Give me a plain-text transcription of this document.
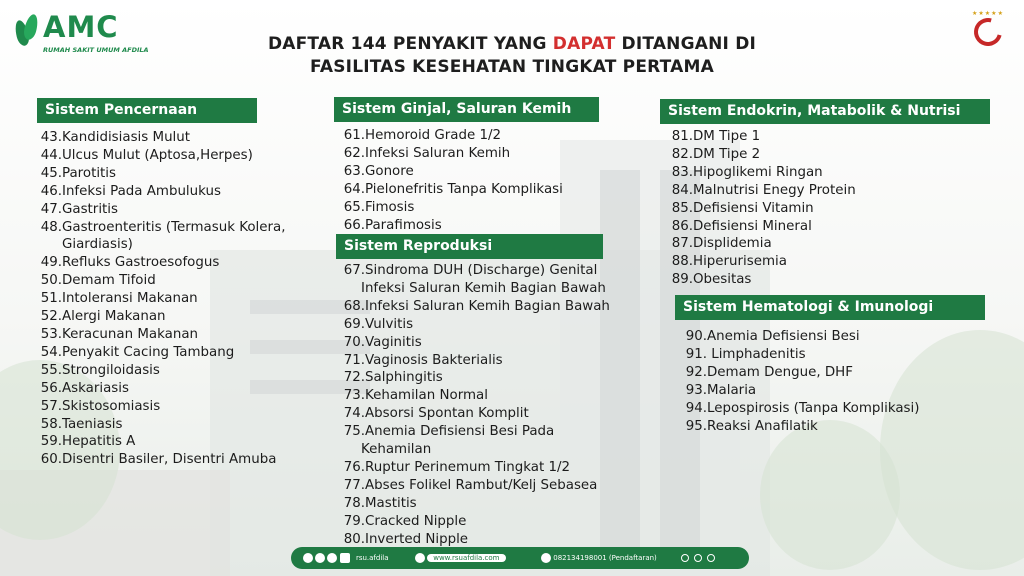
AMC
RUMAH SAKIT UMUM AFDILA
★★★★★
DAFTAR 144 PENYAKIT YANG DAPAT DITANGANI DI
FASILITAS KESEHATAN TINGKAT PERTAMA
Sistem Pencernaan
43.Kandidisiasis Mulut
44.Ulcus Mulut (Aptosa,Herpes)
45.Parotitis
46.Infeksi Pada Ambulukus
47.Gastritis
48.Gastroenteritis (Termasuk Kolera,
Giardiasis)
49.Refluks Gastroesofogus
50.Demam Tifoid
51.Intoleransi Makanan
52.Alergi Makanan
53.Keracunan Makanan
54.Penyakit Cacing Tambang
55.Strongiloidasis
56.Askariasis
57.Skistosomiasis
58.Taeniasis
59.Hepatitis A
60.Disentri Basiler, Disentri Amuba
Sistem Ginjal, Saluran Kemih
61.Hemoroid Grade 1/2
62.Infeksi Saluran Kemih
63.Gonore
64.Pielonefritis Tanpa Komplikasi
65.Fimosis
66.Parafimosis
Sistem Reproduksi
67.Sindroma DUH (Discharge) Genital
Infeksi Saluran Kemih Bagian Bawah
68.Infeksi Saluran Kemih Bagian Bawah
69.Vulvitis
70.Vaginitis
71.Vaginosis Bakterialis
72.Salphingitis
73.Kehamilan Normal
74.Absorsi Spontan Komplit
75.Anemia Defisiensi Besi Pada
Kehamilan
76.Ruptur Perinemum Tingkat 1/2
77.Abses Folikel Rambut/Kelj Sebasea
78.Mastitis
79.Cracked Nipple
80.Inverted Nipple
Sistem Endokrin, Matabolik & Nutrisi
81.DM Tipe 1
82.DM Tipe 2
83.Hipoglikemi Ringan
84.Malnutrisi Enegy Protein
85.Defisiensi Vitamin
86.Defisiensi Mineral
87.Displidemia
88.Hiperurisemia
89.Obesitas
Sistem Hematologi & Imunologi
90.Anemia Defisiensi Besi
91. Limphadenitis
92.Demam Dengue, DHF
93.Malaria
94.Lepospirosis (Tanpa Komplikasi)
95.Reaksi Anafilatik
rsu.afdila	www.rsuafdila.com	082134198001 (Pendaftaran)
